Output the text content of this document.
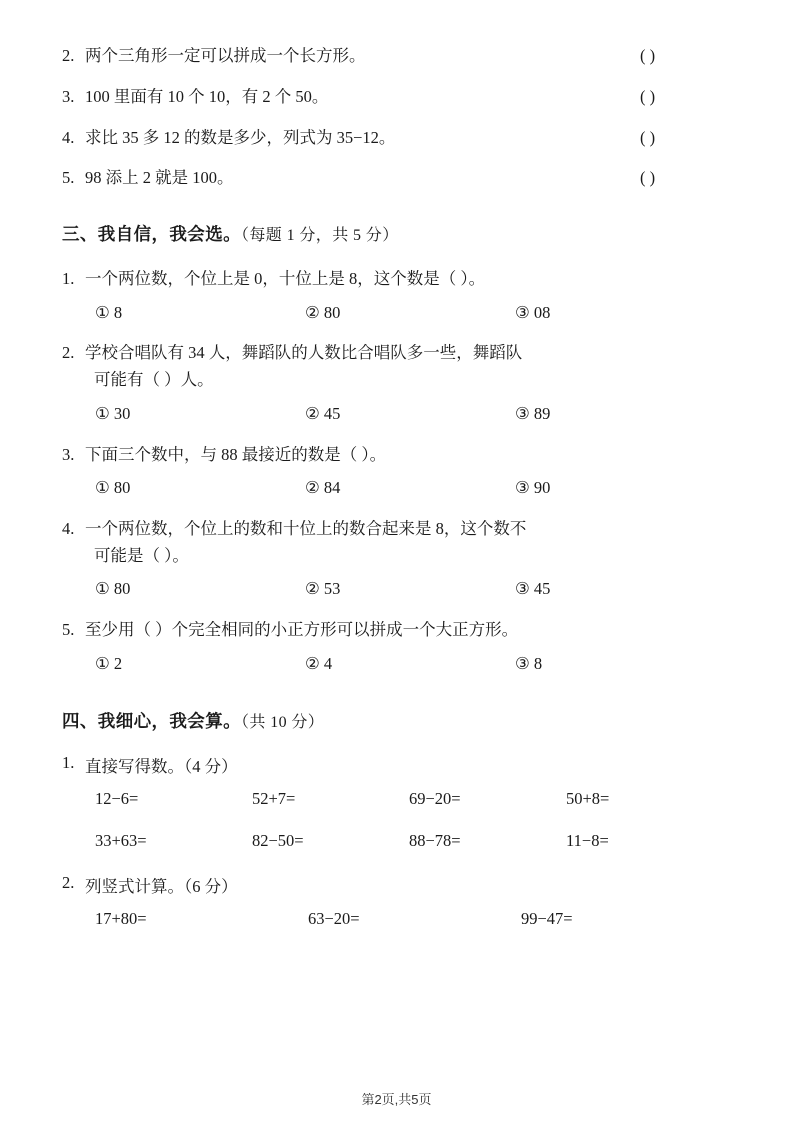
2. 两个三角形一定可以拼成一个长方形。	( )
3. 100 里面有 10 个 10，有 2 个 50。	( )
4. 求比 35 多 12 的数是多少，列式为 35−12。	( )
5. 98 添上 2 就是 100。	( )
三、我自信，我会选。（每题 1 分，共 5 分）
1. 一个两位数，个位上是 0，十位上是 8，这个数是（ ）。
① 8	② 80	③ 08
2. 学校合唱队有 34 人，舞蹈队的人数比合唱队多一些，舞蹈队
可能有（ ）人。
① 30	② 45	③ 89
3. 下面三个数中，与 88 最接近的数是（ ）。
① 80	② 84	③ 90
4. 一个两位数，个位上的数和十位上的数合起来是 8，这个数不
可能是（ ）。
① 80	② 53	③ 45
5. 至少用（ ）个完全相同的小正方形可以拼成一个大正方形。
① 2	② 4	③ 8
四、我细心，我会算。（共 10 分）
1. 直接写得数。（4 分）
12−6=	52+7=	69−20=	50+8=
33+63=	82−50=	88−78=	11−8=
2. 列竖式计算。（6 分）
17+80=	63−20=	99−47=
第2页,共5页
